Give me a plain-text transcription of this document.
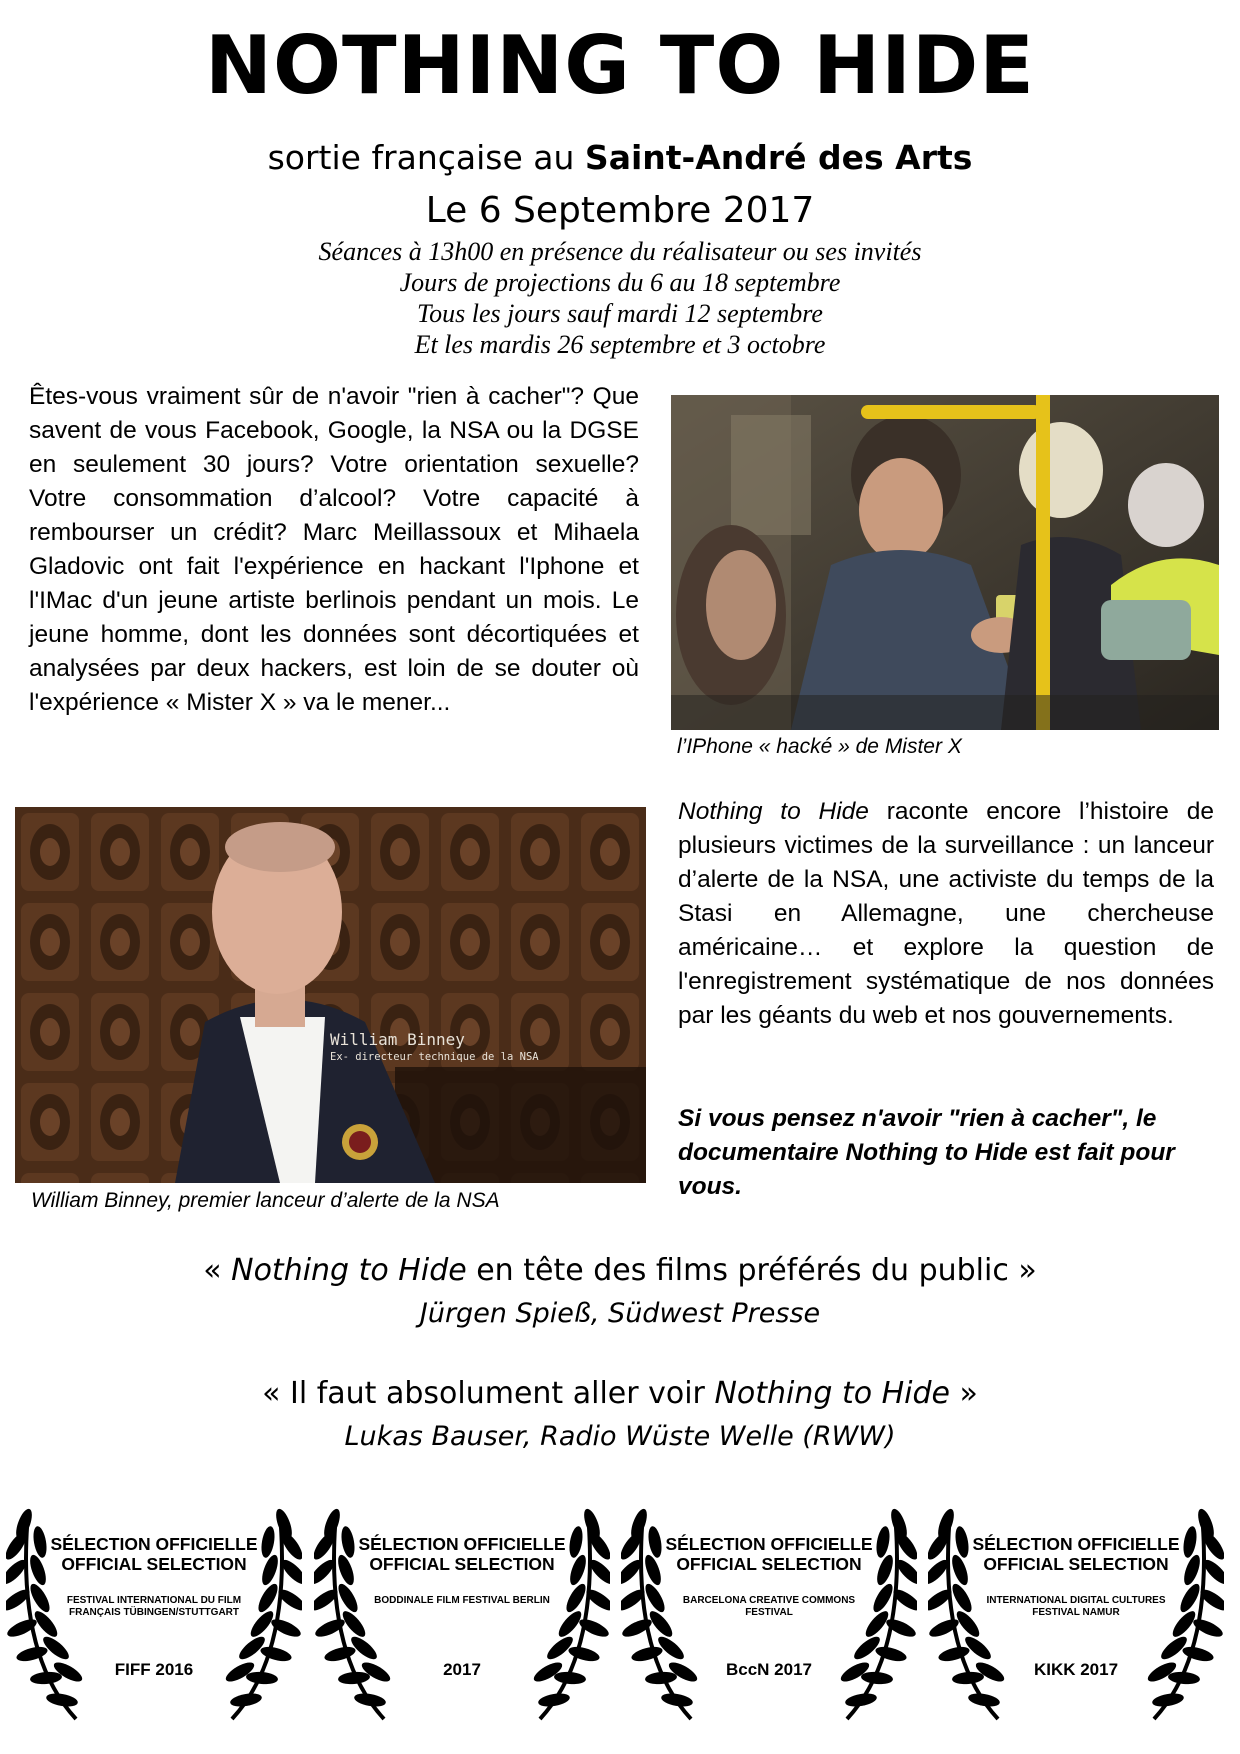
NOTHING TO HIDE
sortie française au Saint-André des Arts
Le 6 Septembre 2017
Séances à 13h00 en présence du réalisateur ou ses invités
Jours de projections du 6 au 18 septembre
Tous les jours sauf mardi 12 septembre
Et les mardis 26 septembre et 3 octobre
Êtes-vous vraiment sûr de n'avoir "rien à cacher"? Que savent de vous Facebook, Google, la NSA ou la DGSE en seulement 30 jours? Votre orientation sexuelle? Votre consommation d’alcool? Votre capacité à rembourser un crédit? Marc Meillassoux et Mihaela Gladovic ont fait l'expérience en hackant l'Iphone et l'IMac d'un jeune artiste berlinois pendant un mois. Le jeune homme, dont les données sont décortiquées et analysées par deux hackers, est loin de se douter où l'expérience « Mister X » va le mener...
l’IPhone « hacké » de Mister X
William Binney
Ex- directeur technique de la NSA
William Binney, premier lanceur d’alerte de la NSA
Nothing to Hide raconte encore l’histoire de plusieurs victimes de la surveillance : un lanceur d’alerte de la NSA, une activiste du temps de la Stasi en Allemagne, une chercheuse américaine… et explore la question de l'enregistrement systématique de nos données par les géants du web et nos gouvernements.
Si vous pensez n'avoir "rien à cacher", le documentaire Nothing to Hide est fait pour vous.
« Nothing to Hide en tête des films préférés du public »
Jürgen Spieß, Südwest Presse
« Il faut absolument aller voir Nothing to Hide »
Lukas Bauser, Radio Wüste Welle (RWW)
SÉLECTION OFFICIELLE
OFFICIAL SELECTION
FESTIVAL INTERNATIONAL DU FILM FRANÇAIS TÜBINGEN/STUTTGART
FIFF 2016
SÉLECTION OFFICIELLE
OFFICIAL SELECTION
BODDINALE FILM FESTIVAL BERLIN
2017
SÉLECTION OFFICIELLE
OFFICIAL SELECTION
BARCELONA CREATIVE COMMONS FESTIVAL
BccN 2017
SÉLECTION OFFICIELLE
OFFICIAL SELECTION
INTERNATIONAL DIGITAL CULTURES FESTIVAL NAMUR
KIKK 2017
